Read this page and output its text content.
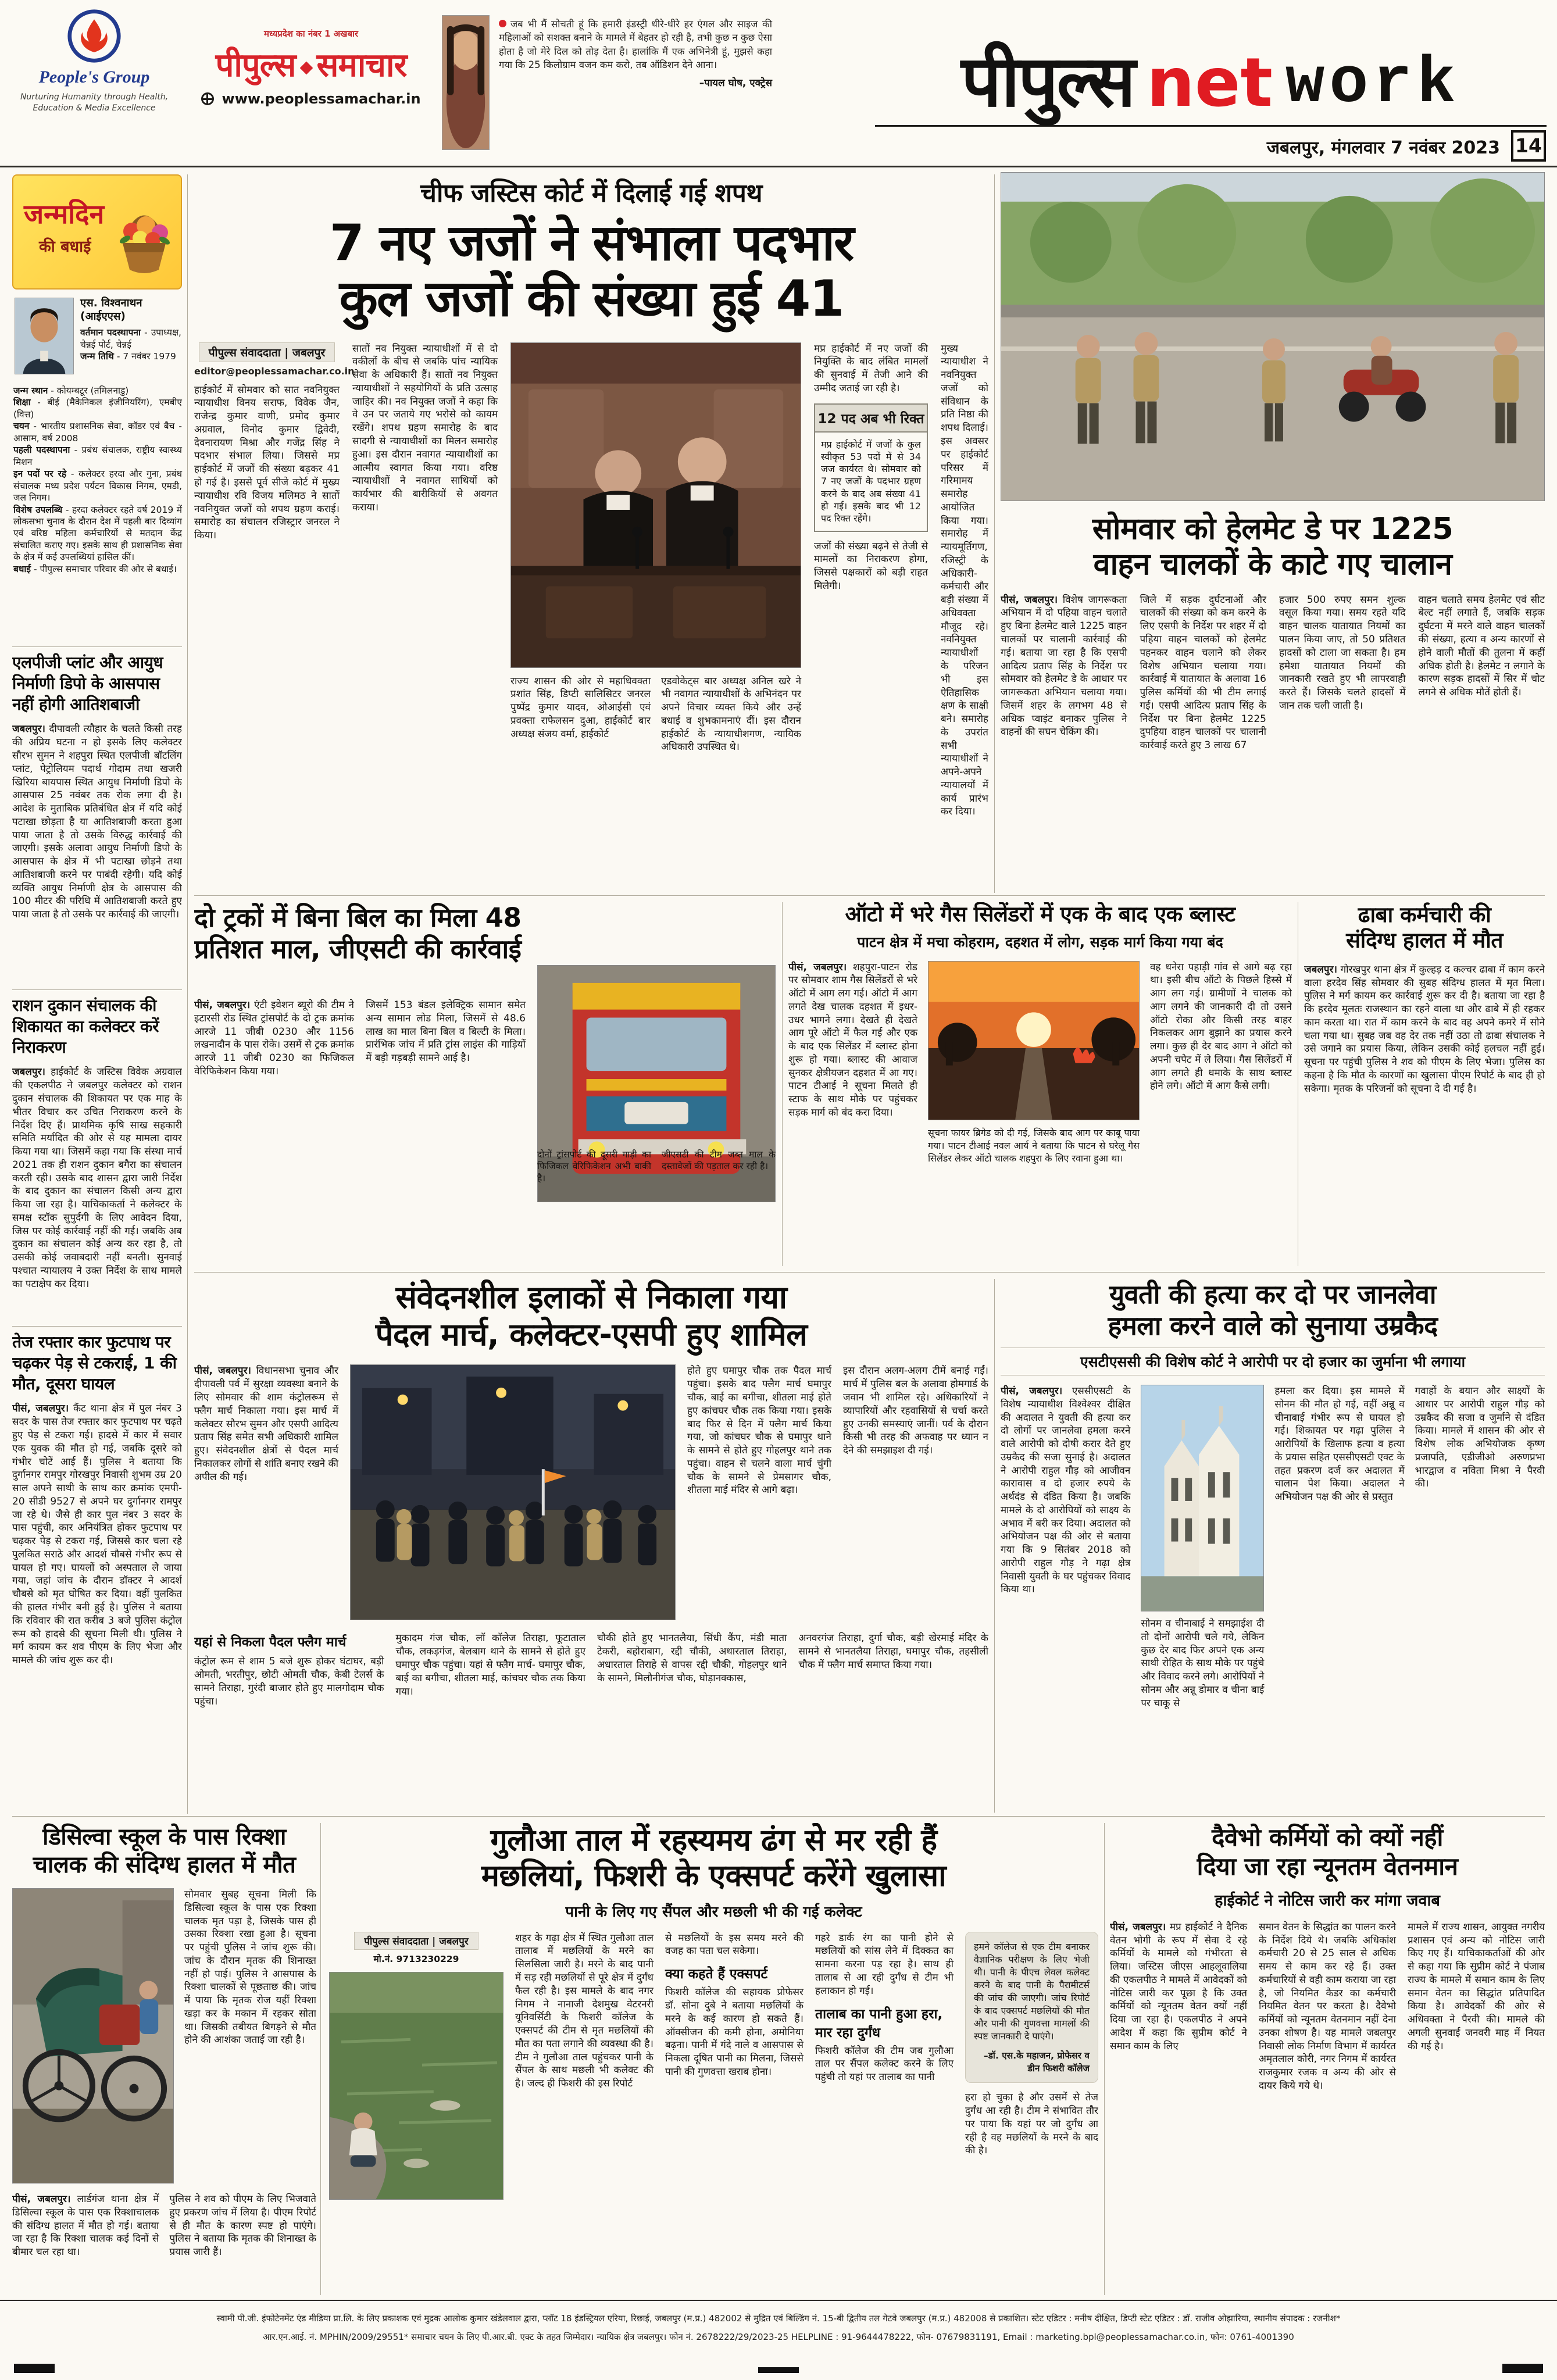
People's Group
Nurturing Humanity through Health,
Education & Media Excellence
मध्यप्रदेश का नंबर 1 अखबार
पीपुल्स समाचार
www.peoplessamachar.in
जब भी मैं सोचती हूं कि हमारी इंडस्ट्री धीरे-धीरे हर एंगल और साइज की महिलाओं को सशक्त बनाने के मामले में बेहतर हो रही है, तभी कुछ न कुछ ऐसा होता है जो मेरे दिल को तोड़ देता है। हालांकि मैं एक अभिनेत्री हूं, मुझसे कहा गया कि 25 किलोग्राम वजन कम करो, तब ऑडिशन देने आना।
–पायल घोष, एक्ट्रेस	पीपुल्स net work
जबलपुर, मंगलवार 7 नवंबर 2023 14
जन्मदिन
की बधाई
एस. विश्वनाथन (आईएएस)
वर्तमान पदस्थापना - उपाध्यक्ष, चेन्नई पोर्ट, चेन्नई
जन्म तिथि - 7 नवंबर 1979
जन्म स्थान - कोयम्बटूर (तमिलनाडु)
शिक्षा - बीई (मैकेनिकल इंजीनियरिंग), एमबीए (वित्त)
चयन - भारतीय प्रशासनिक सेवा, कॉडर एवं बैच - आसाम, वर्ष 2008
पहली पदस्थापना - प्रबंध संचालक, राष्ट्रीय स्वास्थ्य मिशन
इन पदों पर रहे - कलेक्टर हरदा और गुना, प्रबंध संचालक मध्य प्रदेश पर्यटन विकास निगम, एमडी, जल निगम।
विशेष उपलब्धि - हरदा कलेक्टर रहते वर्ष 2019 में लोकसभा चुनाव के दौरान देश में पहली बार दिव्यांग एवं वरिष्ठ महिला कर्मचारियों से मतदान केंद्र संचालित कराए गए। इसके साथ ही प्रशासनिक सेवा के क्षेत्र में कई उपलब्धियां हासिल कीं।
बधाई - पीपुल्स समाचार परिवार की ओर से बधाई।
एलपीजी प्लांट और आयुध निर्माणी डिपो के आसपास नहीं होगी आतिशबाजी
जबलपुर। दीपावली त्यौहार के चलते किसी तरह की अप्रिय घटना न हो इसके लिए कलेक्टर सौरभ सुमन ने शहपुरा स्थित एलपीजी बॉटलिंग प्लांट, पेट्रोलियम पदार्थ गोदाम तथा खजरी खिरिया बायपास स्थित आयुध निर्माणी डिपो के आसपास 25 नवंबर तक रोक लगा दी है। आदेश के मुताबिक प्रतिबंधित क्षेत्र में यदि कोई पटाखा छोड़ता है या आतिशबाजी करता हुआ पाया जाता है तो उसके विरुद्ध कार्रवाई की जाएगी। इसके अलावा आयुध निर्माणी डिपो के आसपास के क्षेत्र में भी पटाखा छोड़ने तथा आतिशबाजी करने पर पाबंदी रहेगी। यदि कोई व्यक्ति आयुध निर्माणी क्षेत्र के आसपास की 100 मीटर की परिधि में आतिशबाजी करते हुए पाया जाता है तो उसके पर कार्रवाई की जाएगी।
राशन दुकान संचालक की शिकायत का कलेक्टर करें निराकरण
जबलपुर। हाईकोर्ट के जस्टिस विवेक अग्रवाल की एकलपीठ ने जबलपुर कलेक्टर को राशन दुकान संचालक की शिकायत पर एक माह के भीतर विचार कर उचित निराकरण करने के निर्देश दिए हैं। प्राथमिक कृषि साख सहकारी समिति मर्यादित की ओर से यह मामला दायर किया गया था। जिसमें कहा गया कि संस्था मार्च 2021 तक ही राशन दुकान बगैरा का संचालन करती रही। उसके बाद शासन द्वारा जारी निर्देश के बाद दुकान का संचालन किसी अन्य द्वारा किया जा रहा है। याचिकाकर्ता ने कलेक्टर के समक्ष स्टॉक सुपुर्दगी के लिए आवेदन दिया, जिस पर कोई कार्रवाई नहीं की गई। जबकि अब दुकान का संचालन कोई अन्य कर रहा है, तो उसकी कोई जवाबदारी नहीं बनती। सुनवाई पश्चात न्यायालय ने उक्त निर्देश के साथ मामले का पटाक्षेप कर दिया।
तेज रफ्तार कार फुटपाथ पर चढ़कर पेड़ से टकराई, 1 की मौत, दूसरा घायल
पीसं, जबलपुर। कैंट थाना क्षेत्र में पुल नंबर 3 सदर के पास तेज रफ्तार कार फुटपाथ पर चढ़ते हुए पेड़ से टकरा गई। हादसे में कार में सवार एक युवक की मौत हो गई, जबकि दूसरे को गंभीर चोटें आई हैं। पुलिस ने बताया कि दुर्गानगर रामपुर गोरखपुर निवासी शुभम उम्र 20 साल अपने साथी के साथ कार क्रमांक एमपी- 20 सीडी 9527 से अपने घर दुर्गानगर रामपुर जा रहे थे। जैसे ही कार पुल नंबर 3 सदर के पास पहुंची, कार अनियंत्रित होकर फुटपाथ पर चढ़कर पेड़ से टकरा गई, जिससे कार चला रहे पुलकित सराठे और आदर्श चौबसे गंभीर रूप से घायल हो गए। घायलों को अस्पताल ले जाया गया, जहां जांच के दौरान डॉक्टर ने आदर्श चौबसे को मृत घोषित कर दिया। वहीं पुलकित की हालत गंभीर बनी हुई है। पुलिस ने बताया कि रविवार की रात करीब 3 बजे पुलिस कंट्रोल रूम को हादसे की सूचना मिली थी। पुलिस ने मर्ग कायम कर शव पीएम के लिए भेजा और मामले की जांच शुरू कर दी।
चीफ जस्टिस कोर्ट में दिलाई गई शपथ
7 नए जजों ने संभाला पदभार
कुल जजों की संख्या हुई 41
पीपुल्स संवाददाता | जबलपुर
editor@peoplessamachar.co.in
हाईकोर्ट में सोमवार को सात नवनियुक्त न्यायाधीश विनय सराफ, विवेक जैन, राजेन्द्र कुमार वाणी, प्रमोद कुमार अग्रवाल, विनोद कुमार द्विवेदी, देवनारायण मिश्रा और गजेंद्र सिंह ने पदभार संभाल लिया। जिससे मप्र हाईकोर्ट में जजों की संख्या बढ़कर 41 हो गई है। इससे पूर्व सीजे कोर्ट में मुख्य न्यायाधीश रवि विजय मलिमठ ने सातों नवनियुक्त जजों को शपथ ग्रहण कराई। समारोह का संचालन रजिस्ट्रार जनरल ने किया।
सातों नव नियुक्त न्यायाधीशों में से दो वकीलों के बीच से जबकि पांच न्यायिक सेवा के अधिकारी हैं। सातों नव नियुक्त न्यायाधीशों ने सहयोगियों के प्रति उत्साह जाहिर की। नव नियुक्त जजों ने कहा कि वे उन पर जताये गए भरोसे को कायम रखेंगे। शपथ ग्रहण समारोह के बाद सादगी से न्यायाधीशों का मिलन समारोह हुआ। इस दौरान नवागत न्यायाधीशों का आत्मीय स्वागत किया गया। वरिष्ठ न्यायाधीशों ने नवागत साथियों को कार्यभार की बारीकियों से अवगत कराया।
राज्य शासन की ओर से महाधिवक्ता प्रशांत सिंह, डिप्टी सालिसिटर जनरल पुष्पेंद्र कुमार यादव, ओआईसी एवं प्रवक्ता राफेलसन दुआ, हाईकोर्ट बार अध्यक्ष संजय वर्मा, हाईकोर्ट
एडवोकेट्स बार अध्यक्ष अनिल खरे ने भी नवागत न्यायाधीशों के अभिनंदन पर अपने विचार व्यक्त किये और उन्हें बधाई व शुभकामनाएं दीं। इस दौरान हाईकोर्ट के न्यायाधीशगण, न्यायिक अधिकारी उपस्थित थे।
मप्र हाईकोर्ट में नए जजों की नियुक्ति के बाद लंबित मामलों की सुनवाई में तेजी आने की उम्मीद जताई जा रही है।
12 पद अब भी रिक्त
मप्र हाईकोर्ट में जजों के कुल स्वीकृत 53 पदों में से 34 जज कार्यरत थे। सोमवार को 7 नए जजों के पदभार ग्रहण करने के बाद अब संख्या 41 हो गई। इसके बाद भी 12 पद रिक्त रहेंगे।
जजों की संख्या बढ़ने से तेजी से मामलों का निराकरण होगा, जिससे पक्षकारों को बड़ी राहत मिलेगी।
मुख्य न्यायाधीश ने नवनियुक्त जजों को संविधान के प्रति निष्ठा की शपथ दिलाई। इस अवसर पर हाईकोर्ट परिसर में गरिमामय समारोह आयोजित किया गया। समारोह में न्यायमूर्तिगण, रजिस्ट्री के अधिकारी-कर्मचारी और बड़ी संख्या में अधिवक्ता मौजूद रहे। नवनियुक्त न्यायाधीशों के परिजन भी इस ऐतिहासिक क्षण के साक्षी बने। समारोह के उपरांत सभी न्यायाधीशों ने अपने-अपने न्यायालयों में कार्य प्रारंभ कर दिया।
सोमवार को हेलमेट डे पर 1225
वाहन चालकों के काटे गए चालान
पीसं, जबलपुर। विशेष जागरूकता अभियान में दो पहिया वाहन चलाते हुए बिना हेलमेट वाले 1225 वाहन चालकों पर चालानी कार्रवाई की गई। बताया जा रहा है कि एसपी आदित्य प्रताप सिंह के निर्देश पर सोमवार को हेलमेट डे के आधार पर जागरूकता अभियान चलाया गया। जिसमें शहर के लगभग 48 से अधिक प्वाइंट बनाकर पुलिस ने वाहनों की सघन चेकिंग की।
जिले में सड़क दुर्घटनाओं और चालकों की संख्या को कम करने के लिए एसपी के निर्देश पर शहर में दो पहिया वाहन चालकों को हेलमेट पहनकर वाहन चलाने को लेकर विशेष अभियान चलाया गया। कार्रवाई में यातायात के अलावा 16 पुलिस कर्मियों की भी टीम लगाई गई। एसपी आदित्य प्रताप सिंह के निर्देश पर बिना हेलमेट 1225 दुपहिया वाहन चालकों पर चालानी कार्रवाई करते हुए 3 लाख 67
हजार 500 रुपए समन शुल्क वसूल किया गया। समय रहते यदि वाहन चालक यातायात नियमों का पालन किया जाए, तो 50 प्रतिशत हादसों को टाला जा सकता है। हम हमेशा यातायात नियमों की जानकारी रखते हुए भी लापरवाही करते हैं। जिसके चलते हादसों में जान तक चली जाती है।
वाहन चलाते समय हेलमेट एवं सीट बेल्ट नहीं लगाते हैं, जबकि सड़क दुर्घटना में मरने वाले वाहन चालकों की संख्या, हत्या व अन्य कारणों से होने वाली मौतों की तुलना में कहीं अधिक होती है। हेलमेट न लगाने के कारण सड़क हादसों में सिर में चोट लगने से अधिक मौतें होती हैं।
दो ट्रकों में बिना बिल का मिला 48
प्रतिशत माल, जीएसटी की कार्रवाई
पीसं, जबलपुर। एंटी इवेशन ब्यूरो की टीम ने इटारसी रोड स्थित ट्रांसपोर्ट के दो ट्रक क्रमांक आरजे 11 जीबी 0230 और 1156 लखनादौन के पास रोके। उसमें से ट्रक क्रमांक आरजे 11 जीबी 0230 का फिजिकल वेरिफिकेशन किया गया।
जिसमें 153 बंडल इलेक्ट्रिक सामान समेत अन्य सामान लोड मिला, जिसमें से 48.6 लाख का माल बिना बिल व बिल्टी के मिला। प्रारंभिक जांच में प्रति ट्रांस लाइंस की गाड़ियों में बड़ी गड़बड़ी सामने आई है।
दोनों ट्रांसपोर्ट की दूसरी गाड़ी का फिजिकल वेरिफिकेशन अभी बाकी है।
जीएसटी की टीम जब्त माल के दस्तावेजों की पड़ताल कर रही है।
ऑटो में भरे गैस सिलेंडरों में एक के बाद एक ब्लास्ट
पाटन क्षेत्र में मचा कोहराम, दहशत में लोग, सड़क मार्ग किया गया बंद
पीसं, जबलपुर। शहपुरा-पाटन रोड पर सोमवार शाम गैस सिलेंडरों से भरे ऑटो में आग लग गई। ऑटो में आग लगते देख चालक दहशत में इधर-उधर भागने लगा। देखते ही देखते आग पूरे ऑटो में फैल गई और एक के बाद एक सिलेंडर में ब्लास्ट होना शुरू हो गया। ब्लास्ट की आवाज सुनकर क्षेत्रीयजन दहशत में आ गए। पाटन टीआई ने सूचना मिलते ही स्टाफ के साथ मौके पर पहुंचकर सड़क मार्ग को बंद करा दिया।
सूचना फायर ब्रिगेड को दी गई, जिसके बाद आग पर काबू पाया गया। पाटन टीआई नवल आर्य ने बताया कि पाटन से घरेलू गैस सिलेंडर लेकर ऑटो चालक शहपुरा के लिए रवाना हुआ था।
वह धनेरा पहाड़ी गांव से आगे बढ़ रहा था। इसी बीच ऑटो के पिछले हिस्से में आग लग गई। ग्रामीणों ने चालक को आग लगने की जानकारी दी तो उसने ऑटो रोका और किसी तरह बाहर निकलकर आग बुझाने का प्रयास करने लगा। कुछ ही देर बाद आग ने ऑटो को अपनी चपेट में ले लिया। गैस सिलेंडरों में आग लगते ही धमाके के साथ ब्लास्ट होने लगे। ऑटो में आग कैसे लगी।
ढाबा कर्मचारी की
संदिग्ध हालत में मौत
जबलपुर। गोरखपुर थाना क्षेत्र में कुल्हड़ द कल्चर ढाबा में काम करने वाला हरदेव सिंह सोमवार की सुबह संदिग्ध हालत में मृत मिला। पुलिस ने मर्ग कायम कर कार्रवाई शुरू कर दी है। बताया जा रहा है कि हरदेव मूलतः राजस्थान का रहने वाला था और ढाबे में ही रहकर काम करता था। रात में काम करने के बाद वह अपने कमरे में सोने चला गया था। सुबह जब वह देर तक नहीं उठा तो ढाबा संचालक ने उसे जगाने का प्रयास किया, लेकिन उसकी कोई हलचल नहीं हुई। सूचना पर पहुंची पुलिस ने शव को पीएम के लिए भेजा। पुलिस का कहना है कि मौत के कारणों का खुलासा पीएम रिपोर्ट के बाद ही हो सकेगा। मृतक के परिजनों को सूचना दे दी गई है।
संवेदनशील इलाकों से निकाला गया
पैदल मार्च, कलेक्टर-एसपी हुए शामिल
पीसं, जबलपुर। विधानसभा चुनाव और दीपावली पर्व में सुरक्षा व्यवस्था बनाने के लिए सोमवार की शाम कंट्रोलरूम से फ्लैग मार्च निकाला गया। इस मार्च में कलेक्टर सौरभ सुमन और एसपी आदित्य प्रताप सिंह समेत सभी अधिकारी शामिल हुए। संवेदनशील क्षेत्रों से पैदल मार्च निकालकर लोगों से शांति बनाए रखने की अपील की गई।
होते हुए घमापुर चौक तक पैदल मार्च पहुंचा। इसके बाद फ्लैग मार्च घमापुर चौक, बाई का बगीचा, शीतला माई होते हुए कांचघर चौक तक किया गया। इसके बाद फिर से दिन में फ्लैग मार्च किया गया, जो कांचघर चौक से घमापुर थाने के सामने से होते हुए गोहलपुर थाने तक पहुंचा। वाहन से चलने वाला मार्च चुंगी चौक के सामने से प्रेमसागर चौक, शीतला माई मंदिर से आगे बढ़ा।
इस दौरान अलग-अलग टीमें बनाई गईं। मार्च में पुलिस बल के अलावा होमगार्ड के जवान भी शामिल रहे। अधिकारियों ने व्यापारियों और रहवासियों से चर्चा करते हुए उनकी समस्याएं जानीं। पर्व के दौरान किसी भी तरह की अफवाह पर ध्यान न देने की समझाइश दी गई।
यहां से निकला पैदल फ्लैग मार्च
कंट्रोल रूम से शाम 5 बजे शुरू होकर घंटाघर, बड़ी ओमती, भरतीपुर, छोटी ओमती चौक, केबी टेलर्स के सामने तिराहा, गुरंदी बाजार होते हुए मालगोदाम चौक पहुंचा।
मुकादम गंज चौक, लॉ कॉलेज तिराहा, फूटाताल चौक, लकड़गंज, बेलबाग थाने के सामने से होते हुए घमापुर चौक पहुंचा। यहां से फ्लैग मार्च- घमापुर चौक, बाई का बगीचा, शीतला माई, कांचघर चौक तक किया गया।
चौकी होते हुए भानतलैया, सिंधी कैंप, मंडी माता टेकरी, बहोराबाग, रद्दी चौकी, अधारताल तिराहा, अधारताल तिराहे से वापस रद्दी चौकी, गोहलपुर थाने के सामने, मिलौनीगंज चौक, घोड़ानक्कास,
अनवरगंज तिराहा, दुर्गा चौक, बड़ी खेरमाई मंदिर के सामने से भानतलैया तिराहा, घमापुर चौक, तहसीली चौक में फ्लैग मार्च समाप्त किया गया।
युवती की हत्या कर दो पर जानलेवा
हमला करने वाले को सुनाया उम्रकैद
एसटीएससी की विशेष कोर्ट ने आरोपी पर दो हजार का जुर्माना भी लगाया
पीसं, जबलपुर। एससीएसटी के विशेष न्यायाधीश विश्वेश्वर दीक्षित की अदालत ने युवती की हत्या कर दो लोगों पर जानलेवा हमला करने वाले आरोपी को दोषी करार देते हुए उम्रकैद की सजा सुनाई है। अदालत ने आरोपी राहुल गौड़ को आजीवन कारावास व दो हजार रुपये के अर्थदंड से दंडित किया है। जबकि मामले के दो आरोपियों को साक्ष्य के अभाव में बरी कर दिया। अदालत को अभियोजन पक्ष की ओर से बताया गया कि 9 सितंबर 2018 को आरोपी राहुल गौड़ ने गढ़ा क्षेत्र निवासी युवती के घर पहुंचकर विवाद किया था।
सोनम व चीनाबाई ने समझाईश दी तो दोनों आरोपी चले गये, लेकिन कुछ देर बाद फिर अपने एक अन्य साथी रोहित के साथ मौके पर पहुंचे और विवाद करने लगे। आरोपियों ने सोनम और अन्नू डोमार व चीना बाई पर चाकू से
हमला कर दिया। इस मामले में सोनम की मौत हो गई, वहीं अन्नू व चीनाबाई गंभीर रूप से घायल हो गई। शिकायत पर गढ़ा पुलिस ने आरोपियों के खिलाफ हत्या व हत्या के प्रयास सहित एससीएसटी एक्ट के तहत प्रकरण दर्ज कर अदालत में चालान पेश किया। अदालत ने अभियोजन पक्ष की ओर से प्रस्तुत
गवाहों के बयान और साक्ष्यों के आधार पर आरोपी राहुल गौड़ को उम्रकैद की सजा व जुर्माने से दंडित किया। मामले में शासन की ओर से विशेष लोक अभियोजक कृष्ण प्रजापति, एडीजीओ अरुणप्रभा भारद्वाज व नविता मिश्रा ने पैरवी की।
डिसिल्वा स्कूल के पास रिक्शा
चालक की संदिग्ध हालत में मौत
सोमवार सुबह सूचना मिली कि डिसिल्वा स्कूल के पास एक रिक्शा चालक मृत पड़ा है, जिसके पास ही उसका रिक्शा रखा हुआ है। सूचना पर पहुंची पुलिस ने जांच शुरू की। जांच के दौरान मृतक की शिनाख्त नहीं हो पाई। पुलिस ने आसपास के रिक्शा चालकों से पूछताछ की। जांच में पाया कि मृतक रोज यहीं रिक्शा खड़ा कर के मकान में रहकर सोता था। जिसकी तबीयत बिगड़ने से मौत होने की आशंका जताई जा रही है।
पीसं, जबलपुर। लार्डगंज थाना क्षेत्र में डिसिल्वा स्कूल के पास एक रिक्शाचालक की संदिग्ध हालत में मौत हो गई। बताया जा रहा है कि रिक्शा चालक कई दिनों से बीमार चल रहा था।
पुलिस ने शव को पीएम के लिए भिजवाते हुए प्रकरण जांच में लिया है। पीएम रिपोर्ट से ही मौत के कारण स्पष्ट हो पाएंगे। पुलिस ने बताया कि मृतक की शिनाख्त के प्रयास जारी हैं।
गुलौआ ताल में रहस्यमय ढंग से मर रही हैं
मछलियां, फिशरी के एक्सपर्ट करेंगे खुलासा
पानी के लिए गए सैंपल और मछली भी की गई कलेक्ट
पीपुल्स संवाददाता | जबलपुर
मो.नं. 9713230229
शहर के गढ़ा क्षेत्र में स्थित गुलौआ ताल तालाब में मछलियों के मरने का सिलसिला जारी है। मरने के बाद पानी में सड़ रही मछलियों से पूरे क्षेत्र में दुर्गंध फैल रही है। इस मामले के बाद नगर निगम ने नानाजी देशमुख वेटरनरी यूनिवर्सिटी के फिशरी कॉलेज के एक्सपर्ट की टीम से मृत मछलियों की मौत का पता लगाने की व्यवस्था की है। टीम ने गुलौआ ताल पहुंचकर पानी के सैंपल के साथ मछली भी कलेक्ट की है। जल्द ही फिशरी की इस रिपोर्ट
से मछलियों के इस समय मरने की वजह का पता चल सकेगा।
क्या कहते हैं एक्सपर्ट
फिशरी कॉलेज की सहायक प्रोफेसर डॉ. सोना दुबे ने बताया मछलियों के मरने के कई कारण हो सकते हैं। ऑक्सीजन की कमी होना, अमोनिया बढ़ना। पानी में गंदे नाले व आसपास से निकला दूषित पानी का मिलना, जिससे पानी की गुणवत्ता खराब होना।
गहरे डार्क रंग का पानी होने से मछलियों को सांस लेने में दिक्कत का सामना करना पड़ रहा है। साथ ही तालाब से आ रही दुर्गंध से टीम भी हलाकान हो गई।
तालाब का पानी हुआ हरा, मार रहा दुर्गंध
फिशरी कॉलेज की टीम जब गुलौआ ताल पर सैंपल कलेक्ट करने के लिए पहुंची तो यहां पर तालाब का पानी
हमने कॉलेज से एक टीम बनाकर वैज्ञानिक परीक्षण के लिए भेजी थी। पानी के पीएच लेवल कलेक्ट करने के बाद पानी के पैरामीटर्स की जांच की जाएगी। जांच रिपोर्ट के बाद एक्सपर्ट मछलियों की मौत और पानी की गुणवत्ता मामलों की स्पष्ट जानकारी दे पाएंगे।
–डॉ. एस.के महाजन, प्रोफेसर व डीन फिशरी कॉलेज
हरा हो चुका है और उसमें से तेज दुर्गंध आ रही है। टीम ने संभावित तौर पर पाया कि यहां पर जो दुर्गंध आ रही है वह मछलियों के मरने के बाद की है।
दैवेभो कर्मियों को क्यों नहीं
दिया जा रहा न्यूनतम वेतनमान
हाईकोर्ट ने नोटिस जारी कर मांगा जवाब
पीसं, जबलपुर। मप्र हाईकोर्ट ने दैनिक वेतन भोगी के रूप में सेवा दे रहे कर्मियों के मामले को गंभीरता से लिया। जस्टिस जीएस आहलूवालिया की एकलपीठ ने मामले में आवेदकों को नोटिस जारी कर पूछा है कि उक्त कर्मियों को न्यूनतम वेतन क्यों नहीं दिया जा रहा है। एकलपीठ ने अपने आदेश में कहा कि सुप्रीम कोर्ट ने समान काम के लिए
समान वेतन के सिद्धांत का पालन करने के निर्देश दिये थे। जबकि अधिकांश कर्मचारी 20 से 25 साल से अधिक समय से काम कर रहे हैं। उक्त कर्मचारियों से वही काम कराया जा रहा है, जो नियमित कैडर का कर्मचारी नियमित वेतन पर करता है। दैवेभो कर्मियों को न्यूनतम वेतनमान नहीं देना उनका शोषण है। यह मामले जबलपुर निवासी लोक निर्माण विभाग में कार्यरत अमृतलाल कोरी, नगर निगम में कार्यरत राजकुमार रजक व अन्य की ओर से दायर किये गये थे।
मामले में राज्य शासन, आयुक्त नगरीय प्रशासन एवं अन्य को नोटिस जारी किए गए हैं। याचिकाकर्ताओं की ओर से कहा गया कि सुप्रीम कोर्ट ने पंजाब राज्य के मामले में समान काम के लिए समान वेतन का सिद्धांत प्रतिपादित किया है। आवेदकों की ओर से अधिवक्ता ने पैरवी की। मामले की अगली सुनवाई जनवरी माह में नियत की गई है।
स्वामी पी.जी. इंफोटेनमेंट एंड मीडिया प्रा.लि. के लिए प्रकाशक एवं मुद्रक आलोक कुमार खंडेलवाल द्वारा, प्लॉट 18 इंडस्ट्रियल एरिया, रिछाई, जबलपुर (म.प्र.) 482002 से मुद्रित एवं बिल्डिंग नं. 15-बी द्वितीय तल गेटवे जबलपुर (म.प्र.) 482008 से प्रकाशित। स्टेट एडिटर : मनीष दीक्षित, डिप्टी स्टेट एडिटर : डॉ. राजीव ओझारिया, स्थानीय संपादक : रजनीश*
आर.एन.आई. नं. MPHIN/2009/29551* समाचार चयन के लिए पी.आर.बी. एक्ट के तहत जिम्मेदार। न्यायिक क्षेत्र जबलपुर। फोन नं. 2678222/29/2023-25 HELPLINE : 91-9644478222, फोन- 07679831191, Email : marketing.bpl@peoplessamachar.co.in, फोन: 0761-4001390
